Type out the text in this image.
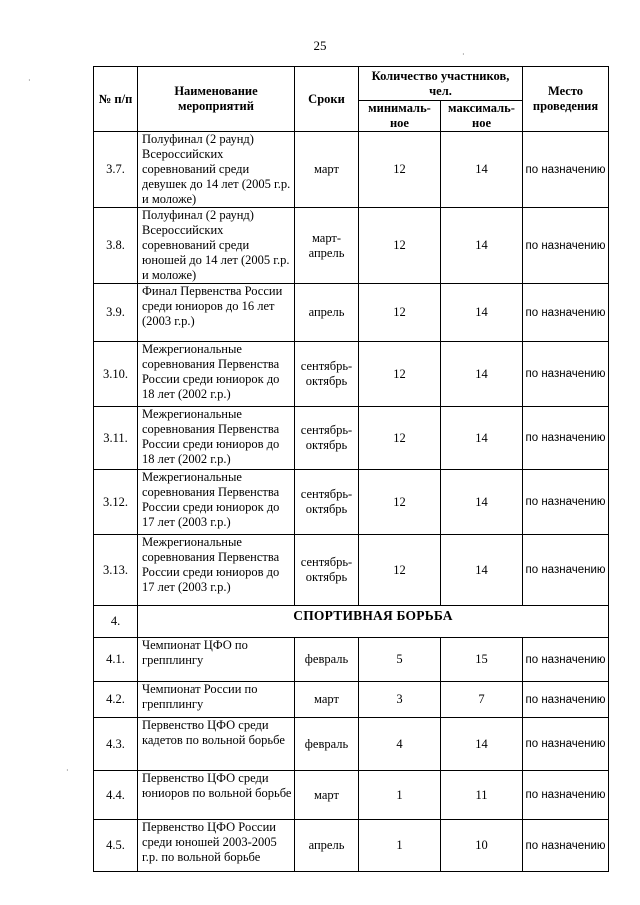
25
№ п/п	Наименование мероприятий	Сроки	Количество участников, чел.		Место проведения
			минималь-ное	максималь-ное	
3.7.	Полуфинал (2 раунд) Всероссийских соревнований среди девушек до 14 лет (2005 г.р. и моложе)	март	12	14	по назначению
3.8.	Полуфинал (2 раунд) Всероссийских соревнований среди юношей до 14 лет (2005 г.р. и моложе)	март-апрель	12	14	по назначению
3.9.	Финал Первенства России среди юниоров до 16 лет (2003 г.р.)	апрель	12	14	по назначению
3.10.	Межрегиональные соревнования Первенства России среди юниорок до 18 лет (2002 г.р.)	сентябрь-октябрь	12	14	по назначению
3.11.	Межрегиональные соревнования Первенства России среди юниоров до 18 лет (2002 г.р.)	сентябрь-октябрь	12	14	по назначению
3.12.	Межрегиональные соревнования Первенства России среди юниорок до 17 лет (2003 г.р.)	сентябрь-октябрь	12	14	по назначению
3.13.	Межрегиональные соревнования Первенства России среди юниоров до 17 лет (2003 г.р.)	сентябрь-октябрь	12	14	по назначению
4.	СПОРТИВНАЯ БОРЬБА				
4.1.	Чемпионат ЦФО по грепплингу	февраль	5	15	по назначению
4.2.	Чемпионат России по грепплингу	март	3	7	по назначению
4.3.	Первенство ЦФО среди кадетов по вольной борьбе	февраль	4	14	по назначению
4.4.	Первенство ЦФО среди юниоров по вольной борьбе	март	1	11	по назначению
4.5.	Первенство ЦФО России среди юношей 2003-2005 г.р. по вольной борьбе	апрель	1	10	по назначению
·
·
·
